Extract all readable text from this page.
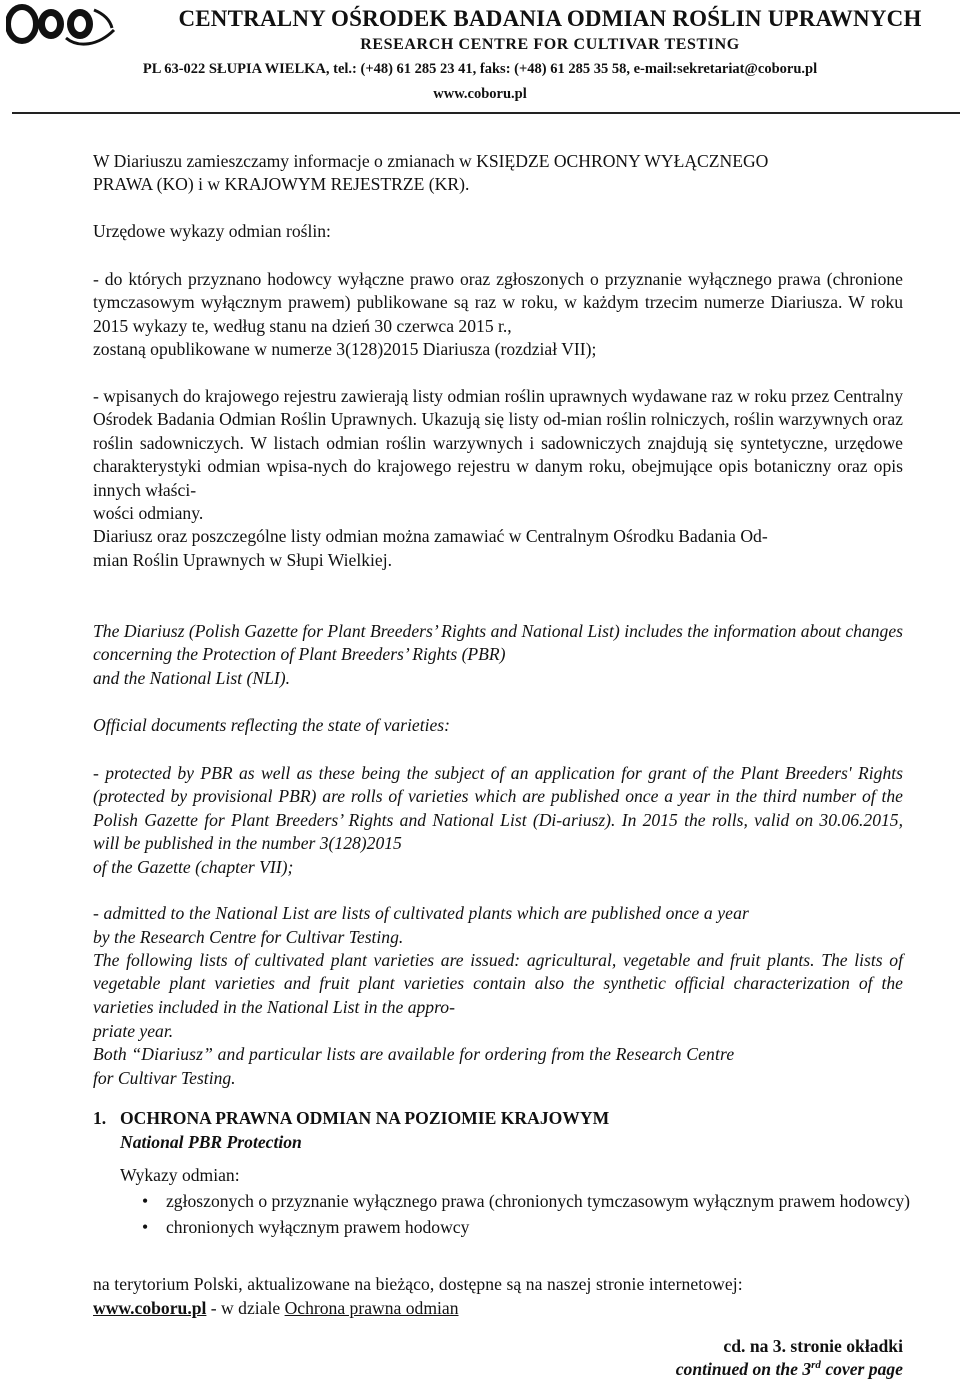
CENTRALNY OŚRODEK BADANIA ODMIAN ROŚLIN UPRAWNYCH

RESEARCH CENTRE FOR CULTIVAR TESTING

PL 63-022 SŁUPIA WIELKA, tel.: (+48) 61 285 23 41, faks: (+48) 61 285 35 58, e-mail:sekretariat@coboru.pl

www.coboru.pl

W Diariuszu zamieszczamy informacje o zmianach w KSIĘDZE OCHRONY WYŁĄCZNEGO

PRAWA (KO) i w KRAJOWYM REJESTRZE (KR).

Urzędowe wykazy odmian roślin:

- do których przyznano hodowcy wyłączne prawo oraz zgłoszonych o przyznanie wyłącznego prawa (chronione tymczasowym wyłącznym prawem) publikowane są raz w roku, w każdym trzecim numerze Diariusza. W roku 2015 wykazy te, według stanu na dzień 30 czerwca 2015 r.,

zostaną opublikowane w numerze 3(128)2015 Diariusza (rozdział VII);

- wpisanych do krajowego rejestru zawierają listy odmian roślin uprawnych wydawane raz w roku przez Centralny Ośrodek Badania Odmian Roślin Uprawnych. Ukazują się listy od-mian roślin rolniczych, roślin warzywnych oraz roślin sadowniczych. W listach odmian roślin warzywnych i sadowniczych znajdują się syntetyczne, urzędowe charakterystyki odmian wpisa-nych do krajowego rejestru w danym roku, obejmujące opis botaniczny oraz opis innych właści-

wości odmiany.

Diariusz oraz poszczególne listy odmian można zamawiać w Centralnym Ośrodku Badania Od-

mian Roślin Uprawnych w Słupi Wielkiej.

The Diariusz (Polish Gazette for Plant Breeders’ Rights and National List) includes the information about changes concerning the Protection of Plant Breeders’ Rights (PBR)

and the National List (NLI).

Official documents reflecting the state of varieties:

- protected by PBR as well as these being the subject of an application for grant of the Plant Breeders' Rights (protected by provisional PBR) are rolls of varieties which are published once a year in the third number of the Polish Gazette for Plant Breeders’ Rights and National List (Di-ariusz). In 2015 the rolls, valid on 30.06.2015, will be published in the number 3(128)2015

of the Gazette (chapter VII);

- admitted to the National List are lists of cultivated plants which are published once a year

by the Research Centre for Cultivar Testing.

The following lists of cultivated plant varieties are issued: agricultural, vegetable and fruit plants. The lists of vegetable plant varieties and fruit plant varieties contain also the synthetic official characterization of the varieties included in the National List in the appro-

priate year.

Both “Diariusz” and particular lists are available for ordering from the Research Centre

for Cultivar Testing.

1. OCHRONA PRAWNA ODMIAN NA POZIOMIE KRAJOWYM

National PBR Protection

Wykazy odmian:

• zgłoszonych o przyznanie wyłącznego prawa (chronionych tymczasowym wyłącznym prawem hodowcy)
• chronionych wyłącznym prawem hodowcy

na terytorium Polski, aktualizowane na bieżąco, dostępne są na naszej stronie internetowej:

www.coboru.pl - w dziale Ochrona prawna odmian

cd. na 3. stronie okładki

continued on the 3rd cover page
